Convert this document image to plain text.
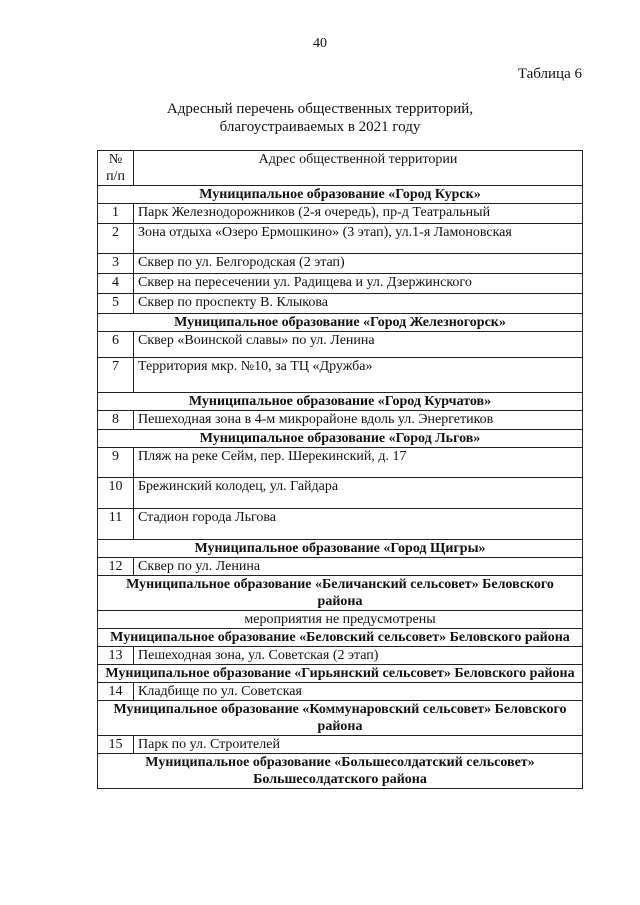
40
Таблица 6
Адресный перечень общественных территорий,
благоустраиваемых в 2021 году
№
п/п	Адрес общественной территории
Муниципальное образование «Город Курск»	
1	Парк Железнодорожников (2-я очередь), пр-д Театральный
2	Зона отдыха «Озеро Ермошкино» (3 этап), ул.1-я Ламоновская
3	Сквер по ул. Белгородская (2 этап)
4	Сквер на пересечении ул. Радищева и ул. Дзержинского
5	Сквер по проспекту В. Клыкова
Муниципальное образование «Город Железногорск»	
6	Сквер «Воинской славы» по ул. Ленина
7	Территория мкр. №10, за ТЦ «Дружба»
Муниципальное образование «Город Курчатов»	
8	Пешеходная зона в 4-м микрорайоне вдоль ул. Энергетиков
Муниципальное образование «Город Льгов»	
9	Пляж на реке Сейм, пер. Шерекинский, д. 17
10	Брежинский колодец, ул. Гайдара
11	Стадион города Льгова
Муниципальное образование «Город Щигры»	
12	Сквер по ул. Ленина
Муниципальное образование «Беличанский сельсовет» Беловского района	
мероприятия не предусмотрены	
Муниципальное образование «Беловский сельсовет» Беловского района	
13	Пешеходная зона, ул. Советская (2 этап)
Муниципальное образование «Гирьянский сельсовет» Беловского района	
14	Кладбище по ул. Советская
Муниципальное образование «Коммунаровский сельсовет» Беловского района	
15	Парк по ул. Строителей
Муниципальное образование «Большесолдатский сельсовет» Большесолдатского района	
